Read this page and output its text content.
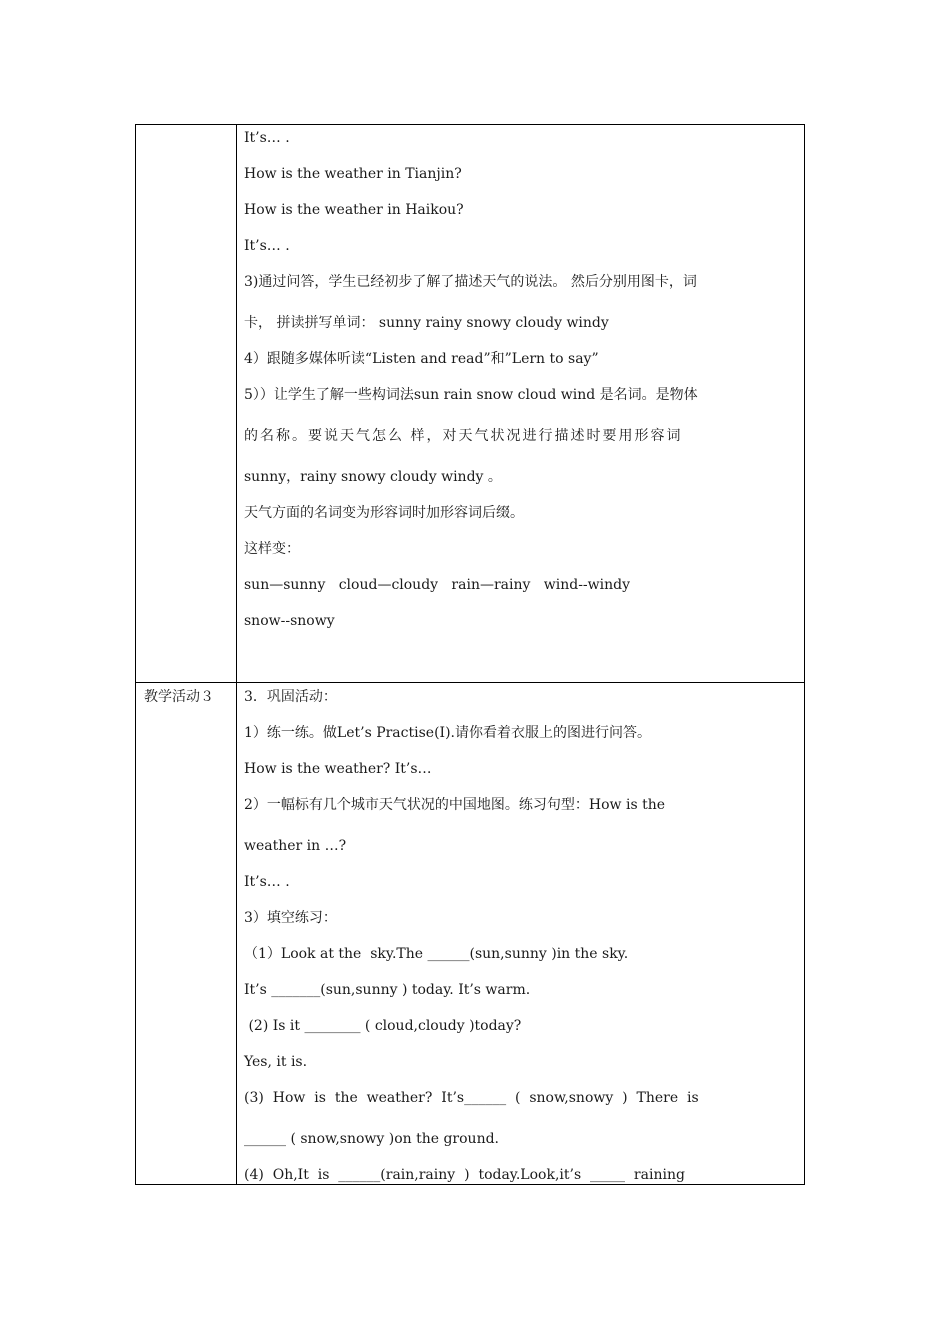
It’s… .
How is the weather in Tianjin?
How is the weather in Haikou?
It’s… .
3)通过问答，学生已经初步了解了描述天气的说法。 然后分别用图卡，词
卡， 拼读拼写单词： sunny rainy snowy cloudy windy
4）跟随多媒体听读“Listen and read”和”Lern to say”
5））让学生了解一些构词法sun rain snow cloud wind 是名词。是物体
的名称。要说天气怎么 样，对天气状况进行描述时要用形容词
sunny，rainy snowy cloudy windy 。
天气方面的名词变为形容词时加形容词后缀。
这样变：
sun—sunny   cloud—cloudy   rain—rainy   wind--windy
snow--snowy
教学活动３ 3．巩固活动：
1）练一练。做Let’s Practise(I).请你看着衣服上的图进行问答。
How is the weather? It’s…
2）一幅标有几个城市天气状况的中国地图。练习句型：How is the
weather in …?
It’s… .
3）填空练习：
（1）Look at the  sky.The ______(sun,sunny )in the sky.
It’s _______(sun,sunny ) today. It’s warm.
(2) Is it ________ ( cloud,cloudy )today?
Yes, it is.
(3)  How  is  the  weather?  It’s______  (  snow,snowy  )  There  is
______ ( snow,snowy )on the ground.
(4)  Oh,It  is  ______(rain,rainy  )  today.Look,it’s  _____  raining
